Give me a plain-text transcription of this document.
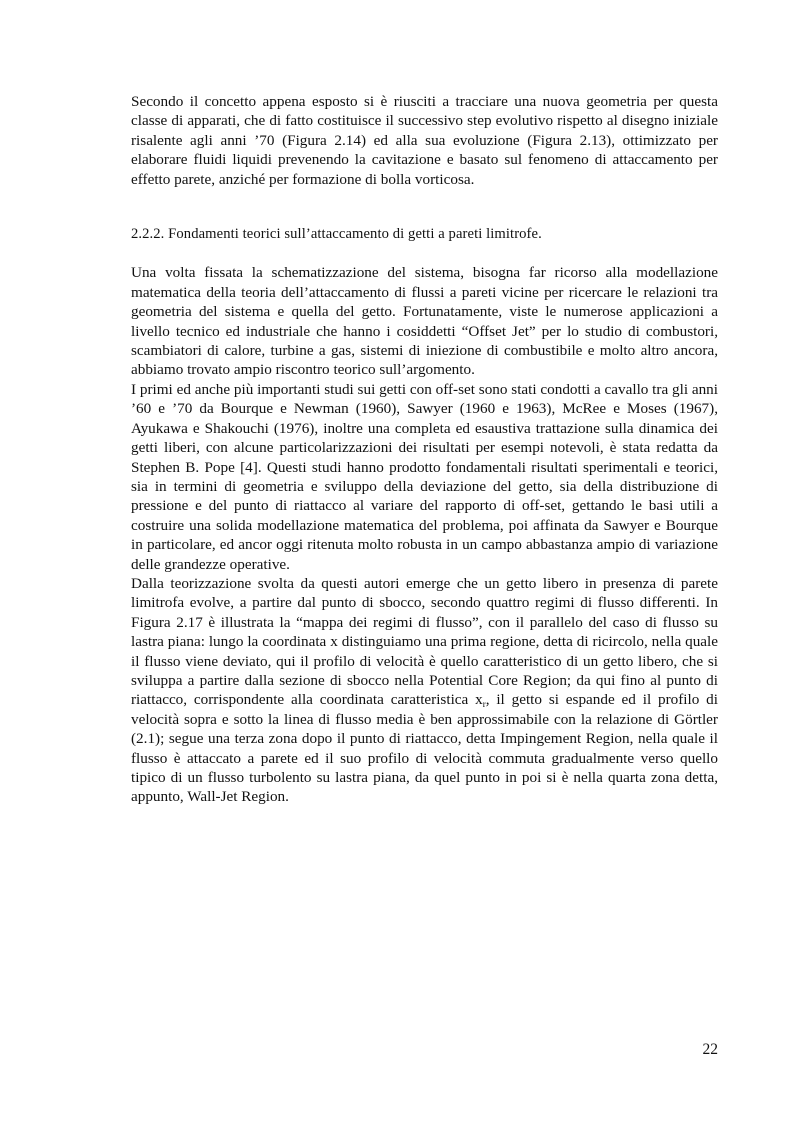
Secondo il concetto appena esposto si è riusciti a tracciare una nuova geometria per questa classe di apparati, che di fatto costituisce il successivo step evolutivo rispetto al disegno iniziale risalente agli anni ’70 (Figura 2.14) ed alla sua evoluzione (Figura 2.13), ottimizzato per elaborare fluidi liquidi prevenendo la cavitazione e basato sul fenomeno di attaccamento per effetto parete, anziché per formazione di bolla vorticosa.

2.2.2. Fondamenti teorici sull’attaccamento di getti a pareti limitrofe.

Una volta fissata la schematizzazione del sistema, bisogna far ricorso alla modellazione matematica della teoria dell’attaccamento di flussi a pareti vicine per ricercare le relazioni tra geometria del sistema e quella del getto. Fortunatamente, viste le numerose applicazioni a livello tecnico ed industriale che hanno i cosiddetti “Offset Jet” per lo studio di combustori, scambiatori di calore, turbine a gas, sistemi di iniezione di combustibile e molto altro ancora, abbiamo trovato ampio riscontro teorico sull’argomento.

I primi ed anche più importanti studi sui getti con off-set sono stati condotti a cavallo tra gli anni ’60 e ’70 da Bourque e Newman (1960), Sawyer (1960 e 1963), McRee e Moses (1967), Ayukawa e Shakouchi (1976), inoltre una completa ed esaustiva trattazione sulla dinamica dei getti liberi, con alcune particolarizzazioni dei risultati per esempi notevoli, è stata redatta da Stephen B. Pope [4]. Questi studi hanno prodotto fondamentali risultati sperimentali e teorici, sia in termini di geometria e sviluppo della deviazione del getto, sia della distribuzione di pressione e del punto di riattacco al variare del rapporto di off-set, gettando le basi utili a costruire una solida modellazione matematica del problema, poi affinata da Sawyer e Bourque in particolare, ed ancor oggi ritenuta molto robusta in un campo abbastanza ampio di variazione delle grandezze operative.

Dalla teorizzazione svolta da questi autori emerge che un getto libero in presenza di parete limitrofa evolve, a partire dal punto di sbocco, secondo quattro regimi di flusso differenti. In Figura 2.17 è illustrata la “mappa dei regimi di flusso”, con il parallelo del caso di flusso su lastra piana: lungo la coordinata x distinguiamo una prima regione, detta di ricircolo, nella quale il flusso viene deviato, qui il profilo di velocità è quello caratteristico di un getto libero, che si sviluppa a partire dalla sezione di sbocco nella Potential Core Region; da qui fino al punto di riattacco, corrispondente alla coordinata caratteristica $x_r$, il getto si espande ed il profilo di velocità sopra e sotto la linea di flusso media è ben approssimabile con la relazione di Görtler (2.1); segue una terza zona dopo il punto di riattacco, detta Impingement Region, nella quale il flusso è attaccato a parete ed il suo profilo di velocità commuta gradualmente verso quello tipico di un flusso turbolento su lastra piana, da quel punto in poi si è nella quarta zona detta, appunto, Wall-Jet Region.

22
